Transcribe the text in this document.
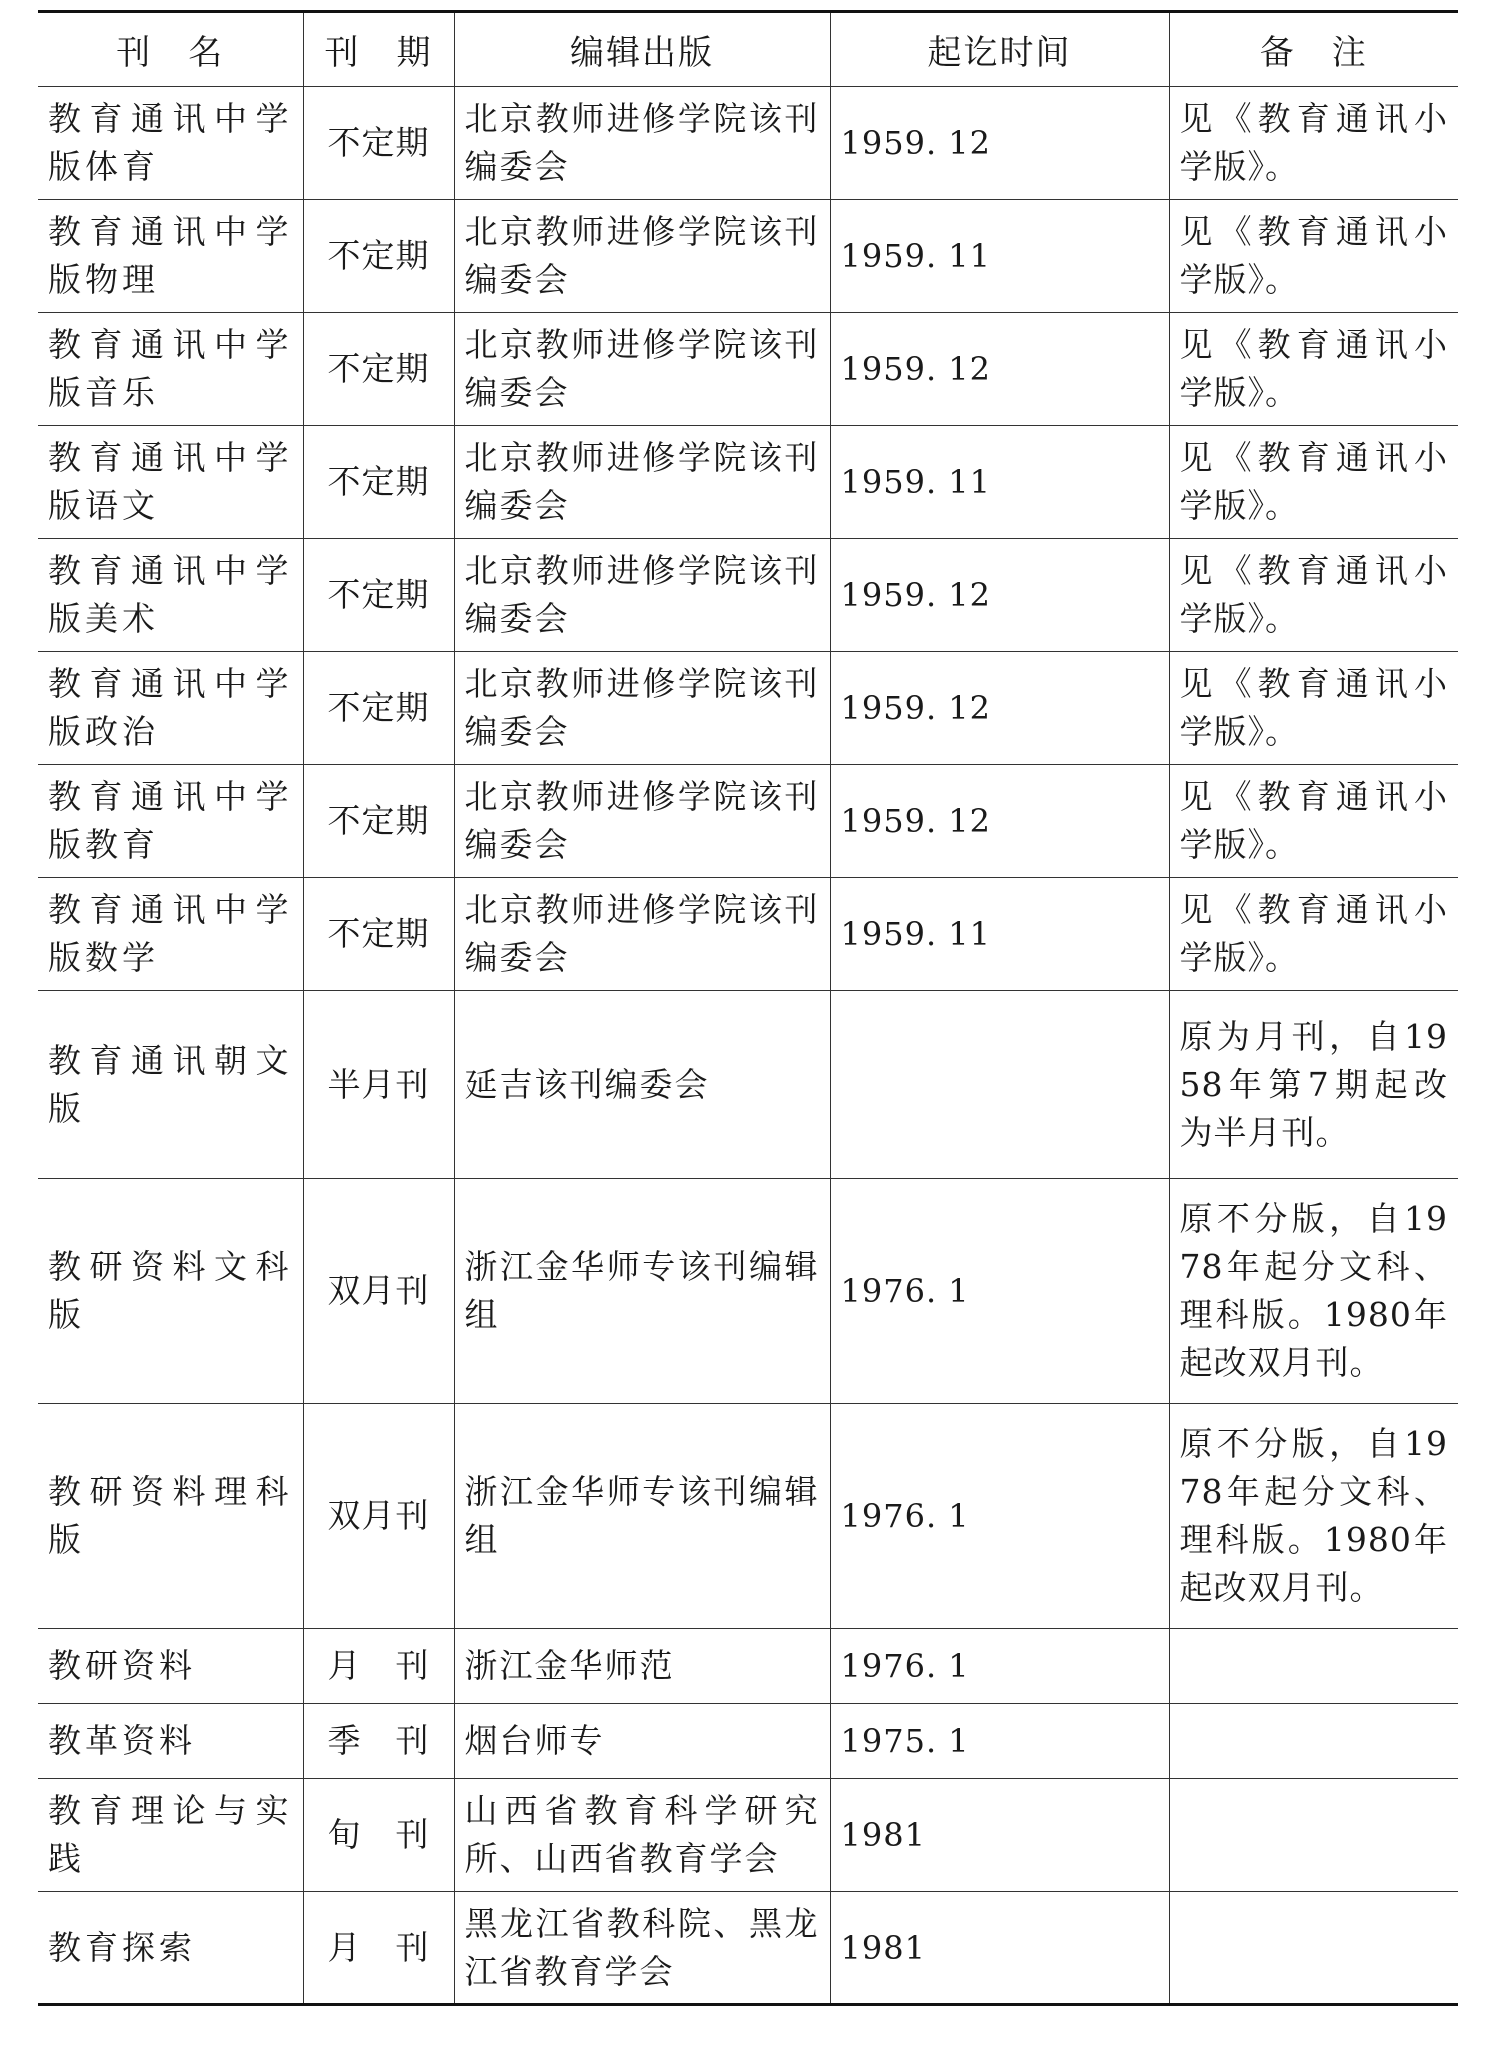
刊　名	刊　期	编辑出版	起讫时间	备　注
教育通讯中学版体育	不定期	北京教师进修学院该刊编委会	1959. 12	见《教育通讯小学版》。
教育通讯中学版物理	不定期	北京教师进修学院该刊编委会	1959. 11	见《教育通讯小学版》。
教育通讯中学版音乐	不定期	北京教师进修学院该刊编委会	1959. 12	见《教育通讯小学版》。
教育通讯中学版语文	不定期	北京教师进修学院该刊编委会	1959. 11	见《教育通讯小学版》。
教育通讯中学版美术	不定期	北京教师进修学院该刊编委会	1959. 12	见《教育通讯小学版》。
教育通讯中学版政治	不定期	北京教师进修学院该刊编委会	1959. 12	见《教育通讯小学版》。
教育通讯中学版教育	不定期	北京教师进修学院该刊编委会	1959. 12	见《教育通讯小学版》。
教育通讯中学版数学	不定期	北京教师进修学院该刊编委会	1959. 11	见《教育通讯小学版》。
教育通讯朝文版	半月刊	延吉该刊编委会		原为月刊，自1958年第7期起改为半月刊。
教研资料文科版	双月刊	浙江金华师专该刊编辑组	1976. 1	原不分版，自1978年起分文科、理科版。1980年起改双月刊。
教研资料理科版	双月刊	浙江金华师专该刊编辑组	1976. 1	原不分版，自1978年起分文科、理科版。1980年起改双月刊。
教研资料	月　刊	浙江金华师范	1976. 1	
教革资料	季　刊	烟台师专	1975. 1	
教育理论与实践	旬　刊	山西省教育科学研究所、山西省教育学会	1981	
教育探索	月　刊	黑龙江省教科院、黑龙江省教育学会	1981	
